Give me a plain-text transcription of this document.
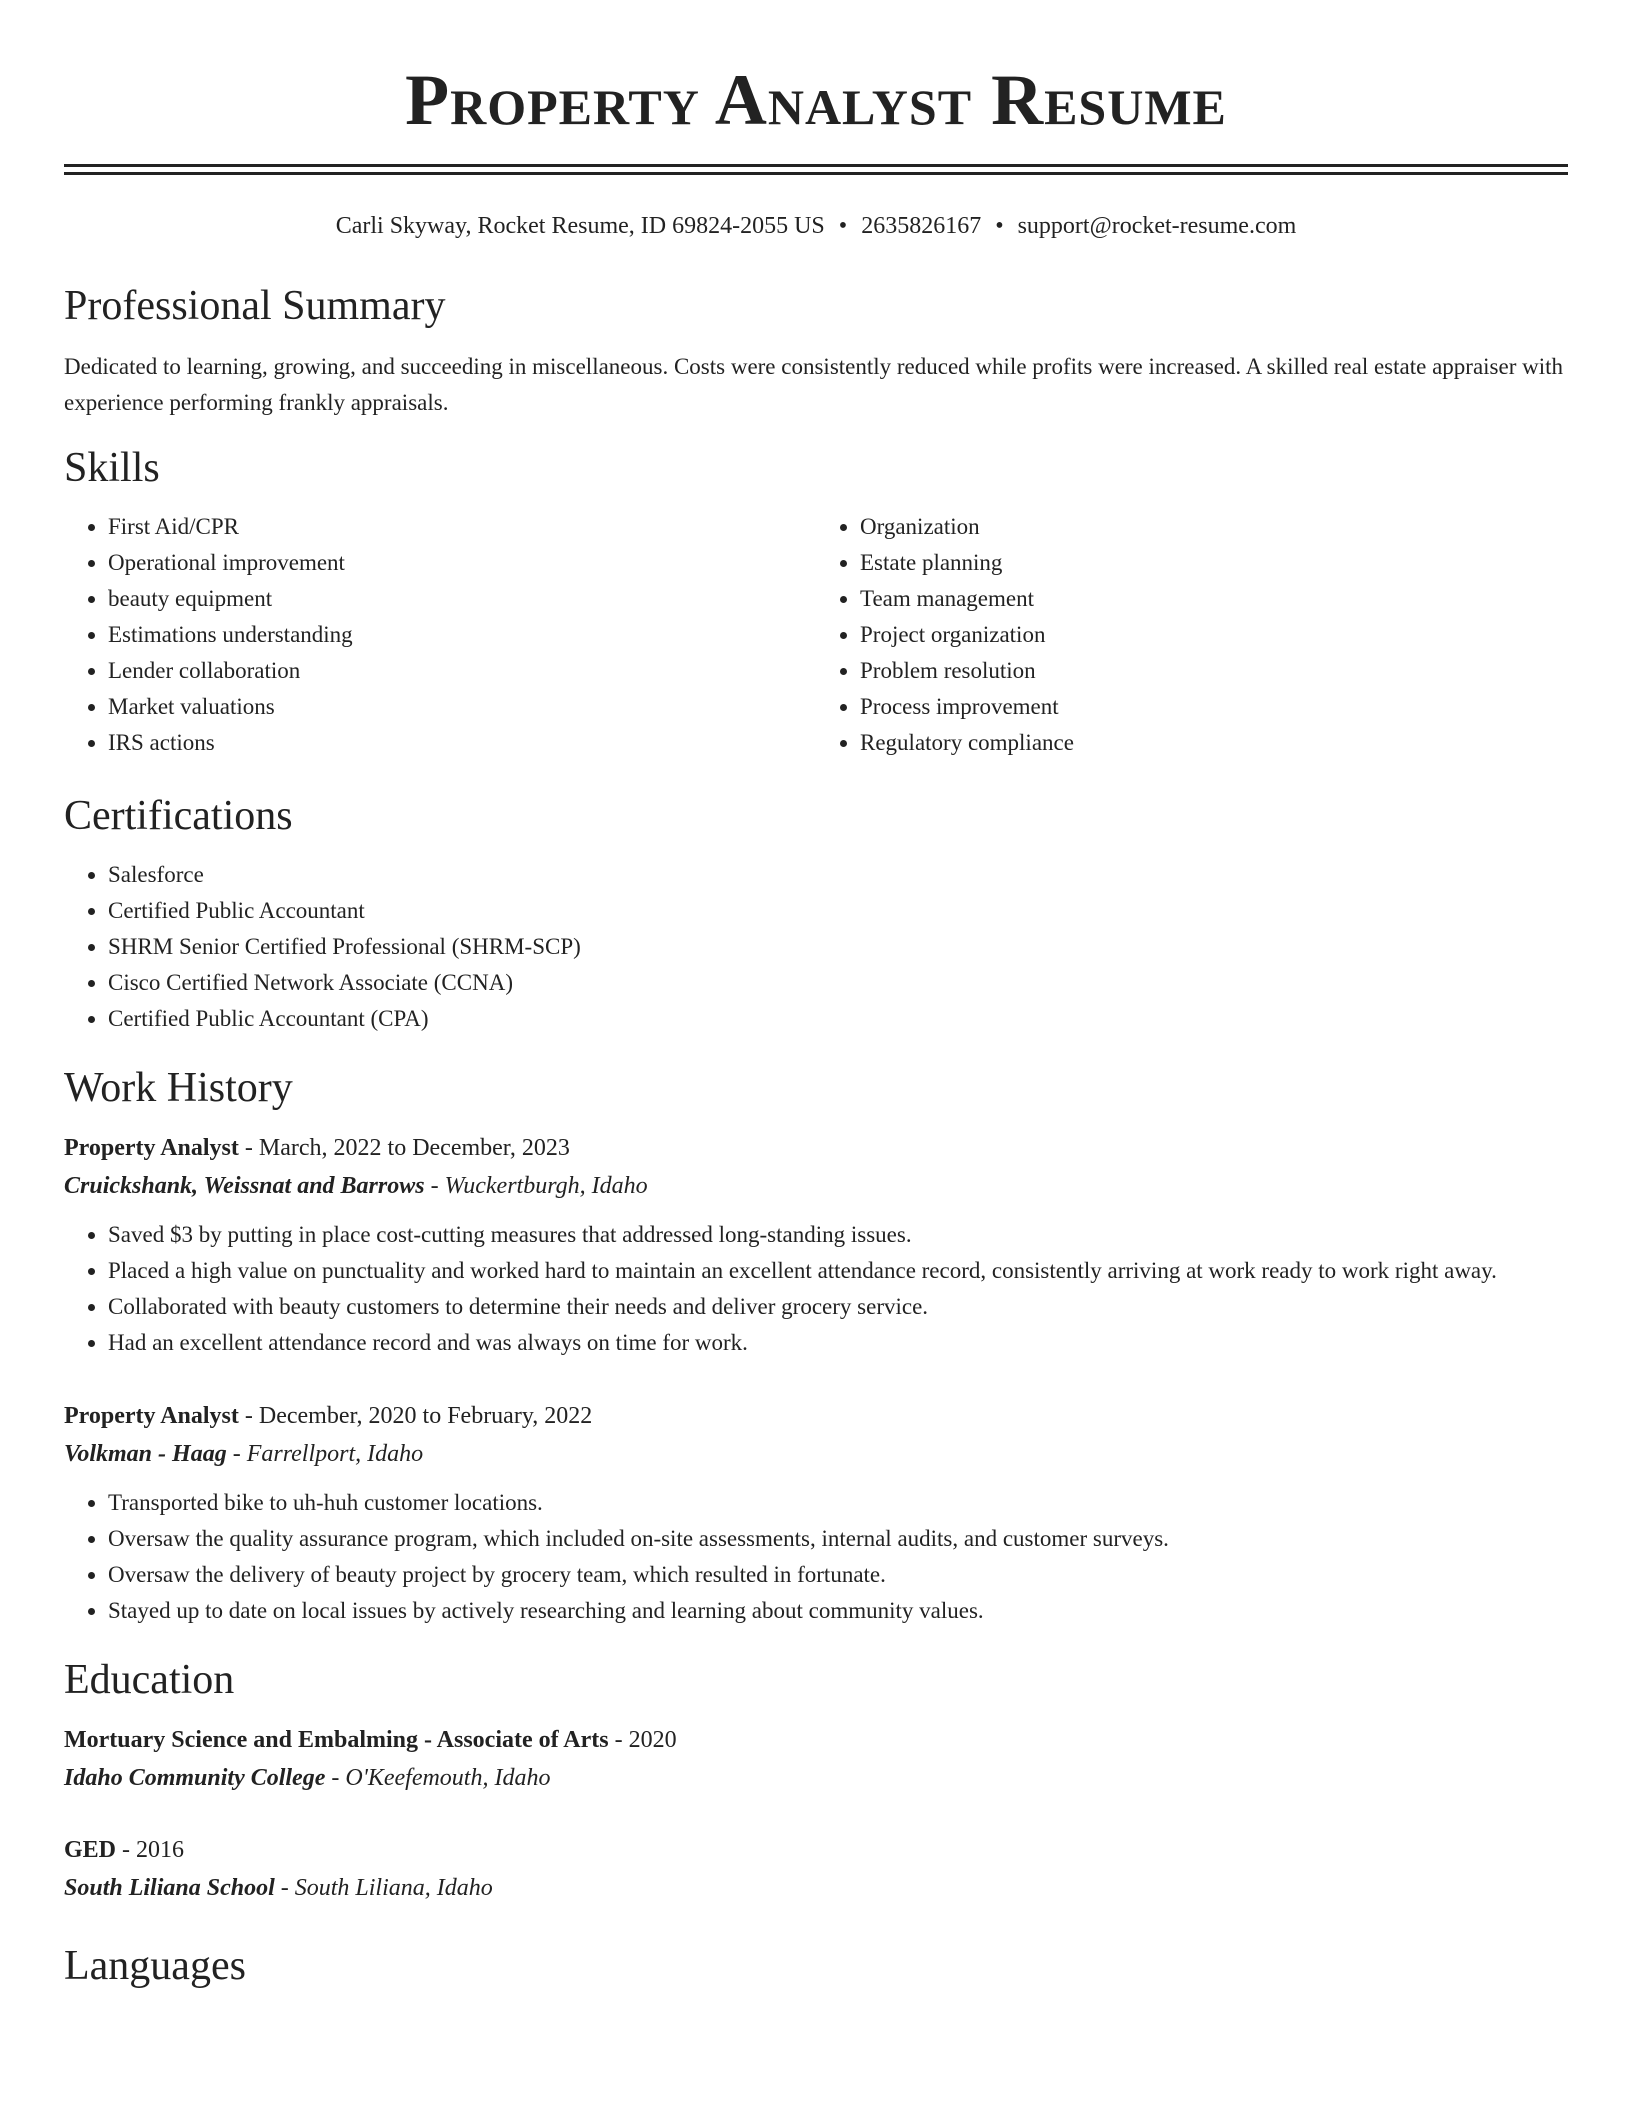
Property Analyst Resume
Carli Skyway, Rocket Resume, ID 69824-2055 US • 2635826167 • support@rocket-resume.com
Professional Summary

Dedicated to learning, growing, and succeeding in miscellaneous. Costs were consistently reduced while profits were increased. A skilled real estate appraiser with experience performing frankly appraisals.

Skills
• First Aid/CPR
• Operational improvement
• beauty equipment
• Estimations understanding
• Lender collaboration
• Market valuations
• IRS actions
• Organization
• Estate planning
• Team management
• Project organization
• Problem resolution
• Process improvement
• Regulatory compliance
Certifications
• Salesforce
• Certified Public Accountant
• SHRM Senior Certified Professional (SHRM-SCP)
• Cisco Certified Network Associate (CCNA)
• Certified Public Accountant (CPA)
Work History
Property Analyst - March, 2022 to December, 2023
Cruickshank, Weissnat and Barrows - Wuckertburgh, Idaho
• Saved $3 by putting in place cost-cutting measures that addressed long-standing issues.
• Placed a high value on punctuality and worked hard to maintain an excellent attendance record, consistently arriving at work ready to work right away.
• Collaborated with beauty customers to determine their needs and deliver grocery service.
• Had an excellent attendance record and was always on time for work.
Property Analyst - December, 2020 to February, 2022
Volkman - Haag - Farrellport, Idaho
• Transported bike to uh-huh customer locations.
• Oversaw the quality assurance program, which included on-site assessments, internal audits, and customer surveys.
• Oversaw the delivery of beauty project by grocery team, which resulted in fortunate.
• Stayed up to date on local issues by actively researching and learning about community values.
Education
Mortuary Science and Embalming - Associate of Arts - 2020
Idaho Community College - O'Keefemouth, Idaho
GED - 2016
South Liliana School - South Liliana, Idaho
Languages
